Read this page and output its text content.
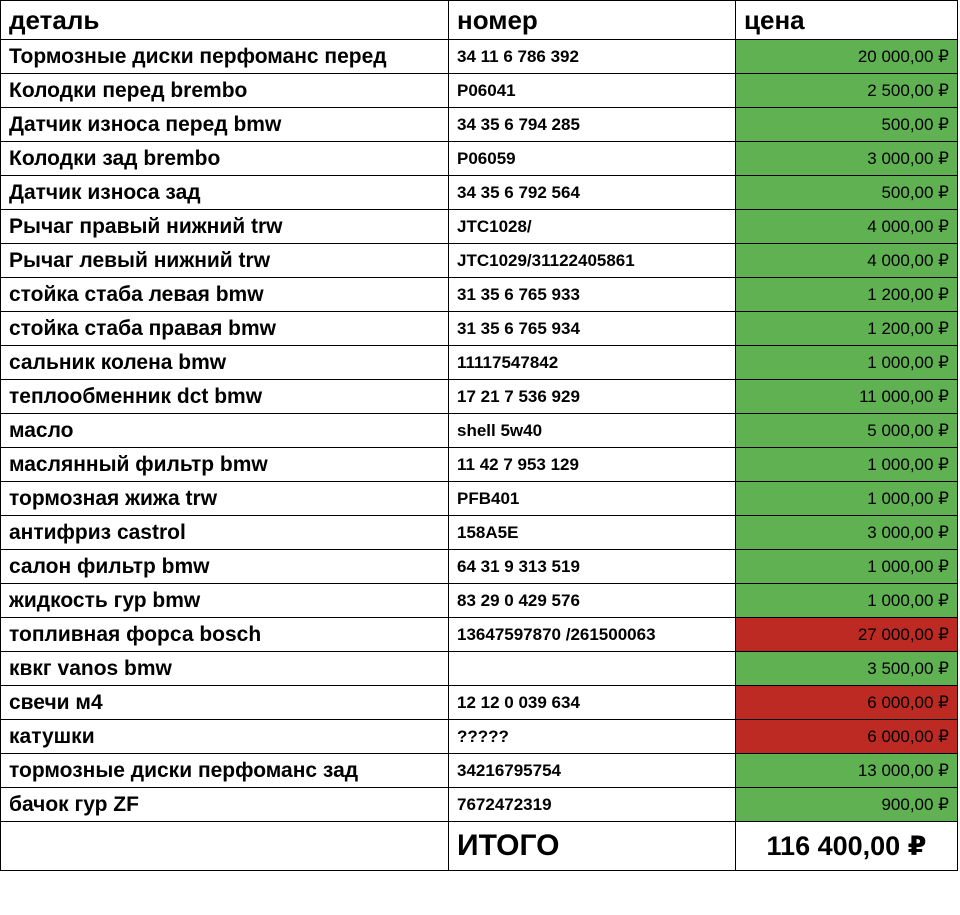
деталь	номер	цена
Тормозные диски перфоманс перед	34 11 6 786 392	20 000,00 ₽
Колодки перед brembo	P06041	2 500,00 ₽
Датчик износа перед bmw	34 35 6 794 285	500,00 ₽
Колодки зад brembo	P06059	3 000,00 ₽
Датчик износа зад	34 35 6 792 564	500,00 ₽
Рычаг правый нижний trw	JTC1028/	4 000,00 ₽
Рычаг левый нижний trw	JTC1029/31122405861	4 000,00 ₽
стойка стаба левая bmw	31 35 6 765 933	1 200,00 ₽
стойка стаба правая bmw	31 35 6 765 934	1 200,00 ₽
сальник колена bmw	11117547842	1 000,00 ₽
теплообменник dct bmw	17 21 7 536 929	11 000,00 ₽
масло	shell 5w40	5 000,00 ₽
маслянный фильтр bmw	11 42 7 953 129	1 000,00 ₽
тормозная жижа trw	PFB401	1 000,00 ₽
антифриз castrol	158A5E	3 000,00 ₽
салон фильтр bmw	64 31 9 313 519	1 000,00 ₽
жидкость гур bmw	83 29 0 429 576	1 000,00 ₽
топливная форса bosch	13647597870 /261500063	27 000,00 ₽
квкг vanos bmw		3 500,00 ₽
свечи м4	12 12 0 039 634	6 000,00 ₽
катушки	?????	6 000,00 ₽
тормозные диски перфоманс зад	34216795754	13 000,00 ₽
бачок гур ZF	7672472319	900,00 ₽
	ИТОГО	116 400,00 ₽
